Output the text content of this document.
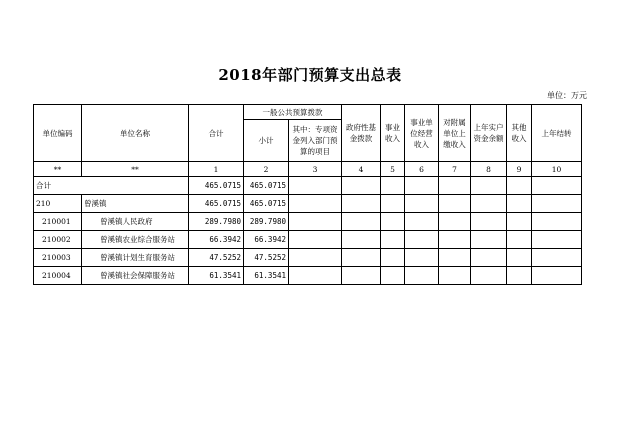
2018年部门预算支出总表
单位：万元
单位编码	单位名称	合计	一般公共预算拨款		政府性基金拨款	事业收入	事业单位经营收入	对附属单位上缴收入	上年实户资金余额	其他收入	上年结转
			小计	其中：专项资金列入部门预算的项目							
**	**	1	2	3	4	5	6	7	8	9	10
合计		465.0715	465.0715								
210	曾溪镇	465.0715	465.0715								
210001	曾溪镇人民政府	289.7980	289.7980								
210002	曾溪镇农业综合服务站	66.3942	66.3942								
210003	曾溪镇计划生育服务站	47.5252	47.5252								
210004	曾溪镇社会保障服务站	61.3541	61.3541								
